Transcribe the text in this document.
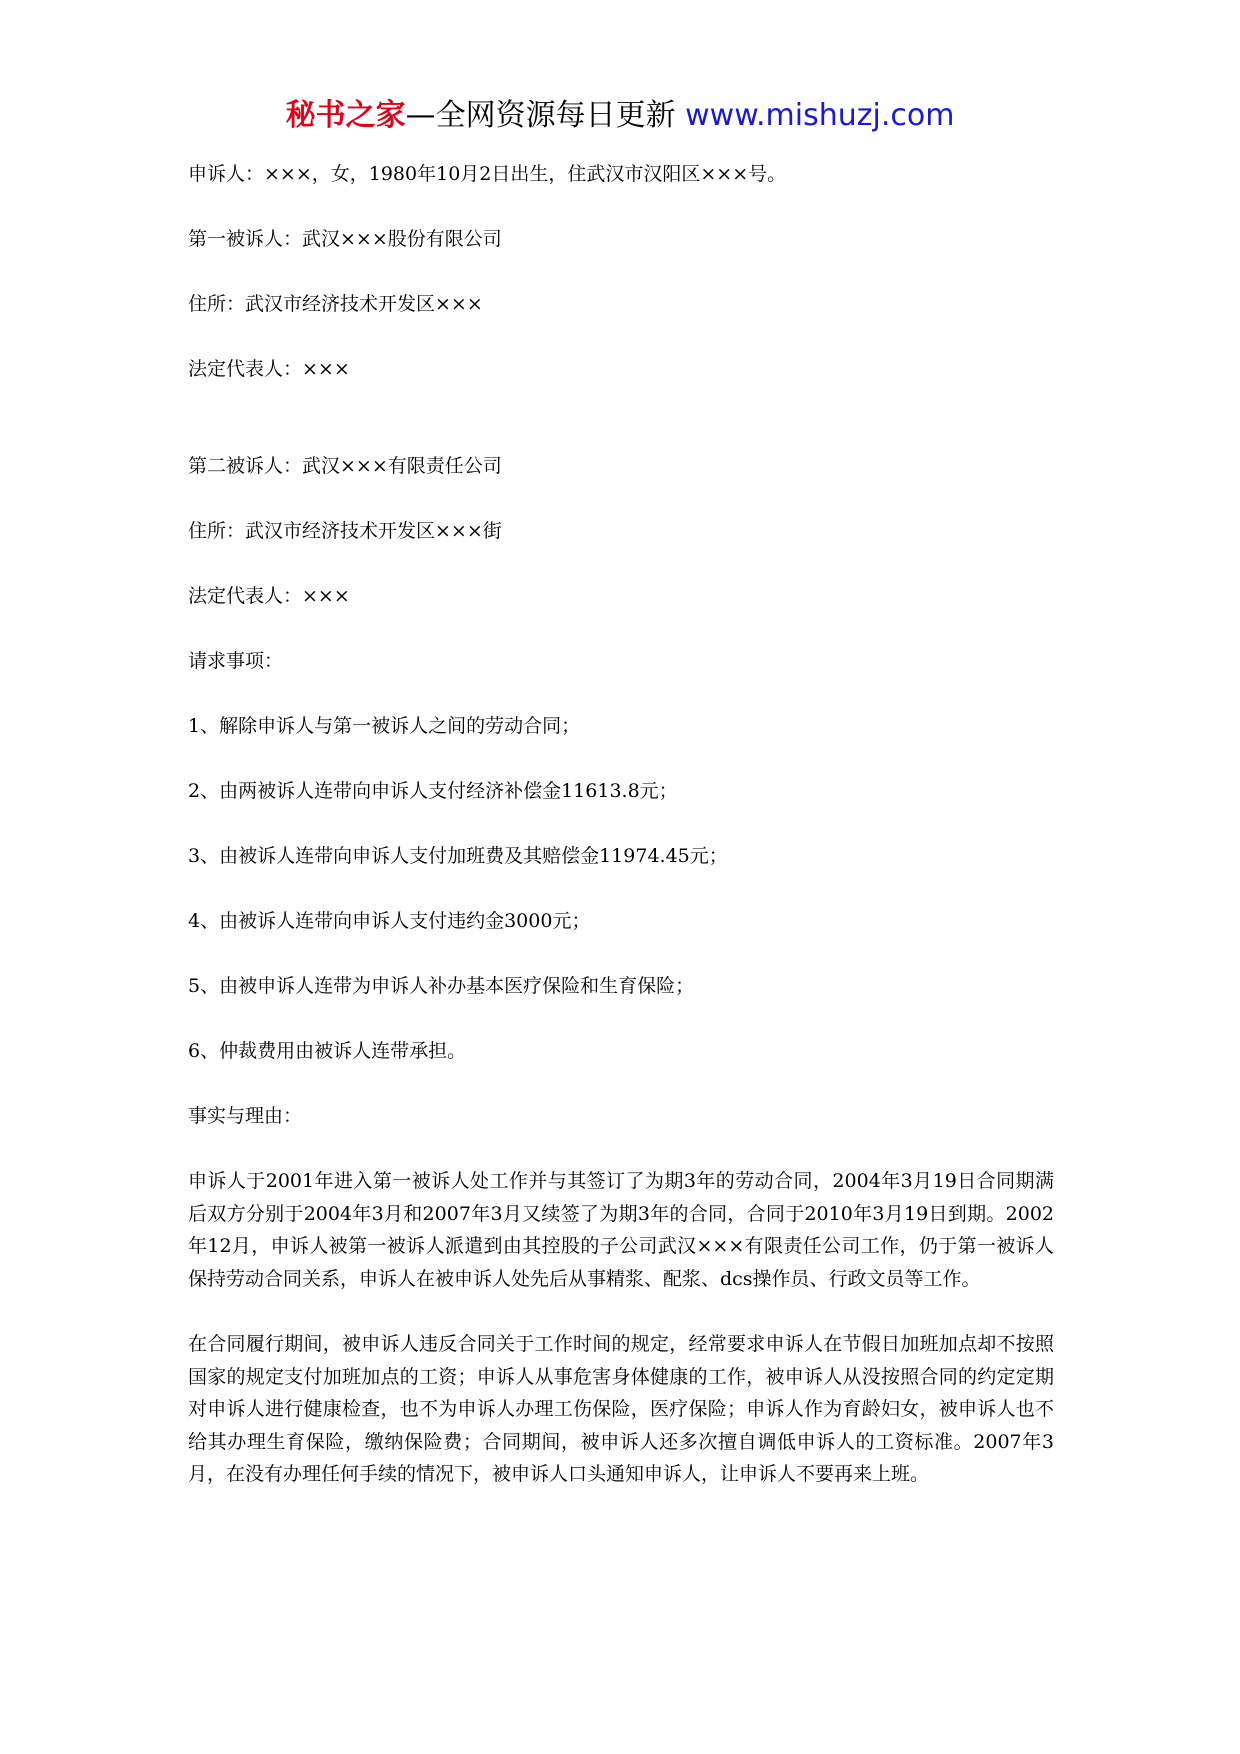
秘书之家—全网资源每日更新 www.mishuzj.com

申诉人：×××，女，1980年10月2日出生，住武汉市汉阳区×××号。

第一被诉人：武汉×××股份有限公司

住所：武汉市经济技术开发区×××

法定代表人：×××

第二被诉人：武汉×××有限责任公司

住所：武汉市经济技术开发区×××街

法定代表人：×××

请求事项：

1、解除申诉人与第一被诉人之间的劳动合同；

2、由两被诉人连带向申诉人支付经济补偿金11613.8元；

3、由被诉人连带向申诉人支付加班费及其赔偿金11974.45元；

4、由被诉人连带向申诉人支付违约金3000元；

5、由被申诉人连带为申诉人补办基本医疗保险和生育保险；

6、仲裁费用由被诉人连带承担。

事实与理由：

申诉人于2001年进入第一被诉人处工作并与其签订了为期3年的劳动合同，2004年3月19日合同期满后双方分别于2004年3月和2007年3月又续签了为期3年的合同，合同于2010年3月19日到期。2002年12月，申诉人被第一被诉人派遣到由其控股的子公司武汉×××有限责任公司工作，仍于第一被诉人保持劳动合同关系，申诉人在被申诉人处先后从事精浆、配浆、dcs操作员、行政文员等工作。

在合同履行期间，被申诉人违反合同关于工作时间的规定，经常要求申诉人在节假日加班加点却不按照国家的规定支付加班加点的工资；申诉人从事危害身体健康的工作，被申诉人从没按照合同的约定定期对申诉人进行健康检查，也不为申诉人办理工伤保险，医疗保险；申诉人作为育龄妇女，被申诉人也不给其办理生育保险，缴纳保险费；合同期间，被申诉人还多次擅自调低申诉人的工资标准。2007年3月，在没有办理任何手续的情况下，被申诉人口头通知申诉人，让申诉人不要再来上班。
